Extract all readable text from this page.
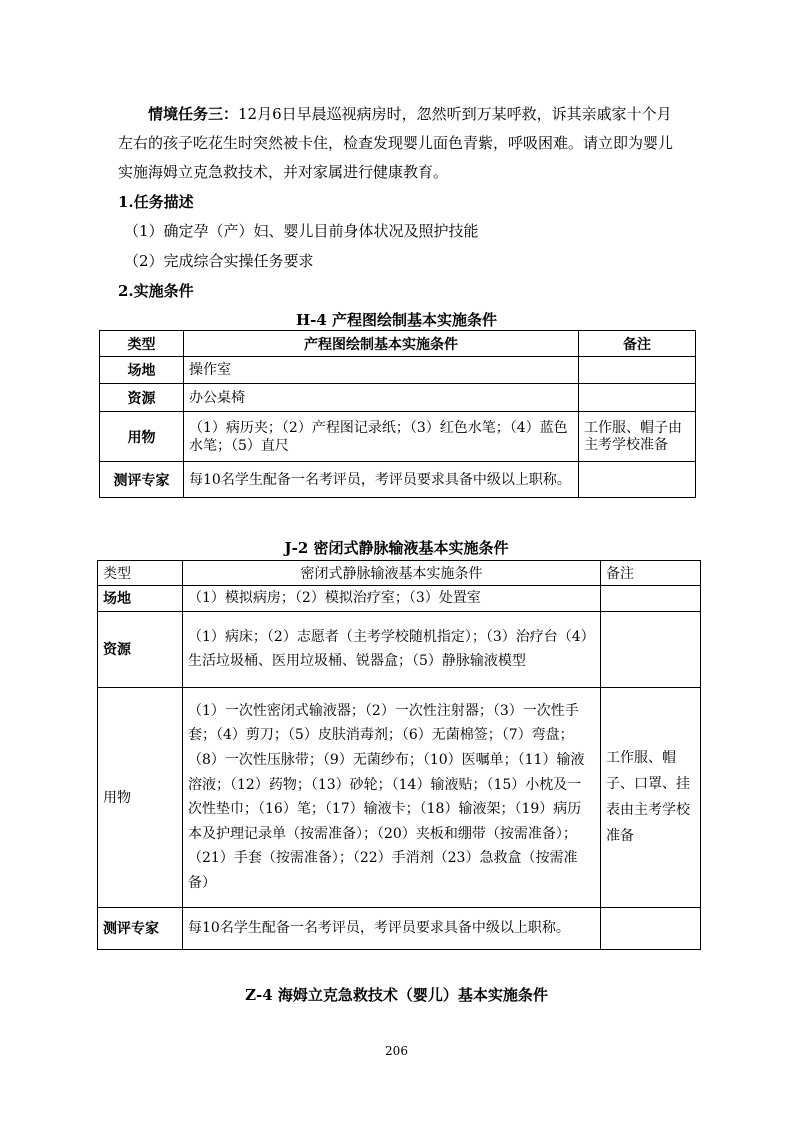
情境任务三：12月6日早晨巡视病房时，忽然听到万某呼救，诉其亲戚家十个月左右的孩子吃花生时突然被卡住，检查发现婴儿面色青紫，呼吸困难。请立即为婴儿实施海姆立克急救技术，并对家属进行健康教育。

1.任务描述
（1）确定孕（产）妇、婴儿目前身体状况及照护技能
（2）完成综合实操任务要求
2.实施条件
H-4 产程图绘制基本实施条件
类型	产程图绘制基本实施条件	备注
场地	操作室	
资源	办公桌椅	
用物	（1）病历夹；（2）产程图记录纸；（3）红色水笔；（4）蓝色水笔；（5）直尺	工作服、帽子由主考学校准备
测评专家	每10名学生配备一名考评员，考评员要求具备中级以上职称。	
J-2 密闭式静脉输液基本实施条件
类型	密闭式静脉输液基本实施条件	备注
场地	（1）模拟病房；（2）模拟治疗室；（3）处置室	
资源	（1）病床；（2）志愿者（主考学校随机指定）；（3）治疗台（4）生活垃圾桶、医用垃圾桶、锐器盒；（5）静脉输液模型	
用物	（1）一次性密闭式输液器；（2）一次性注射器；（3）一次性手套；（4）剪刀；（5）皮肤消毒剂；（6）无菌棉签；（7）弯盘；（8）一次性压脉带；（9）无菌纱布；（10）医嘱单；（11）输液溶液；（12）药物；（13）砂轮；（14）输液贴；（15）小枕及一次性垫巾；（16）笔；（17）输液卡；（18）输液架；（19）病历本及护理记录单（按需准备）；（20）夹板和绷带（按需准备）；（21）手套（按需准备）；（22）手消剂（23）急救盒（按需准备）	工作服、帽子、口罩、挂表由主考学校准备
测评专家	每10名学生配备一名考评员，考评员要求具备中级以上职称。	
Z-4 海姆立克急救技术（婴儿）基本实施条件
206
